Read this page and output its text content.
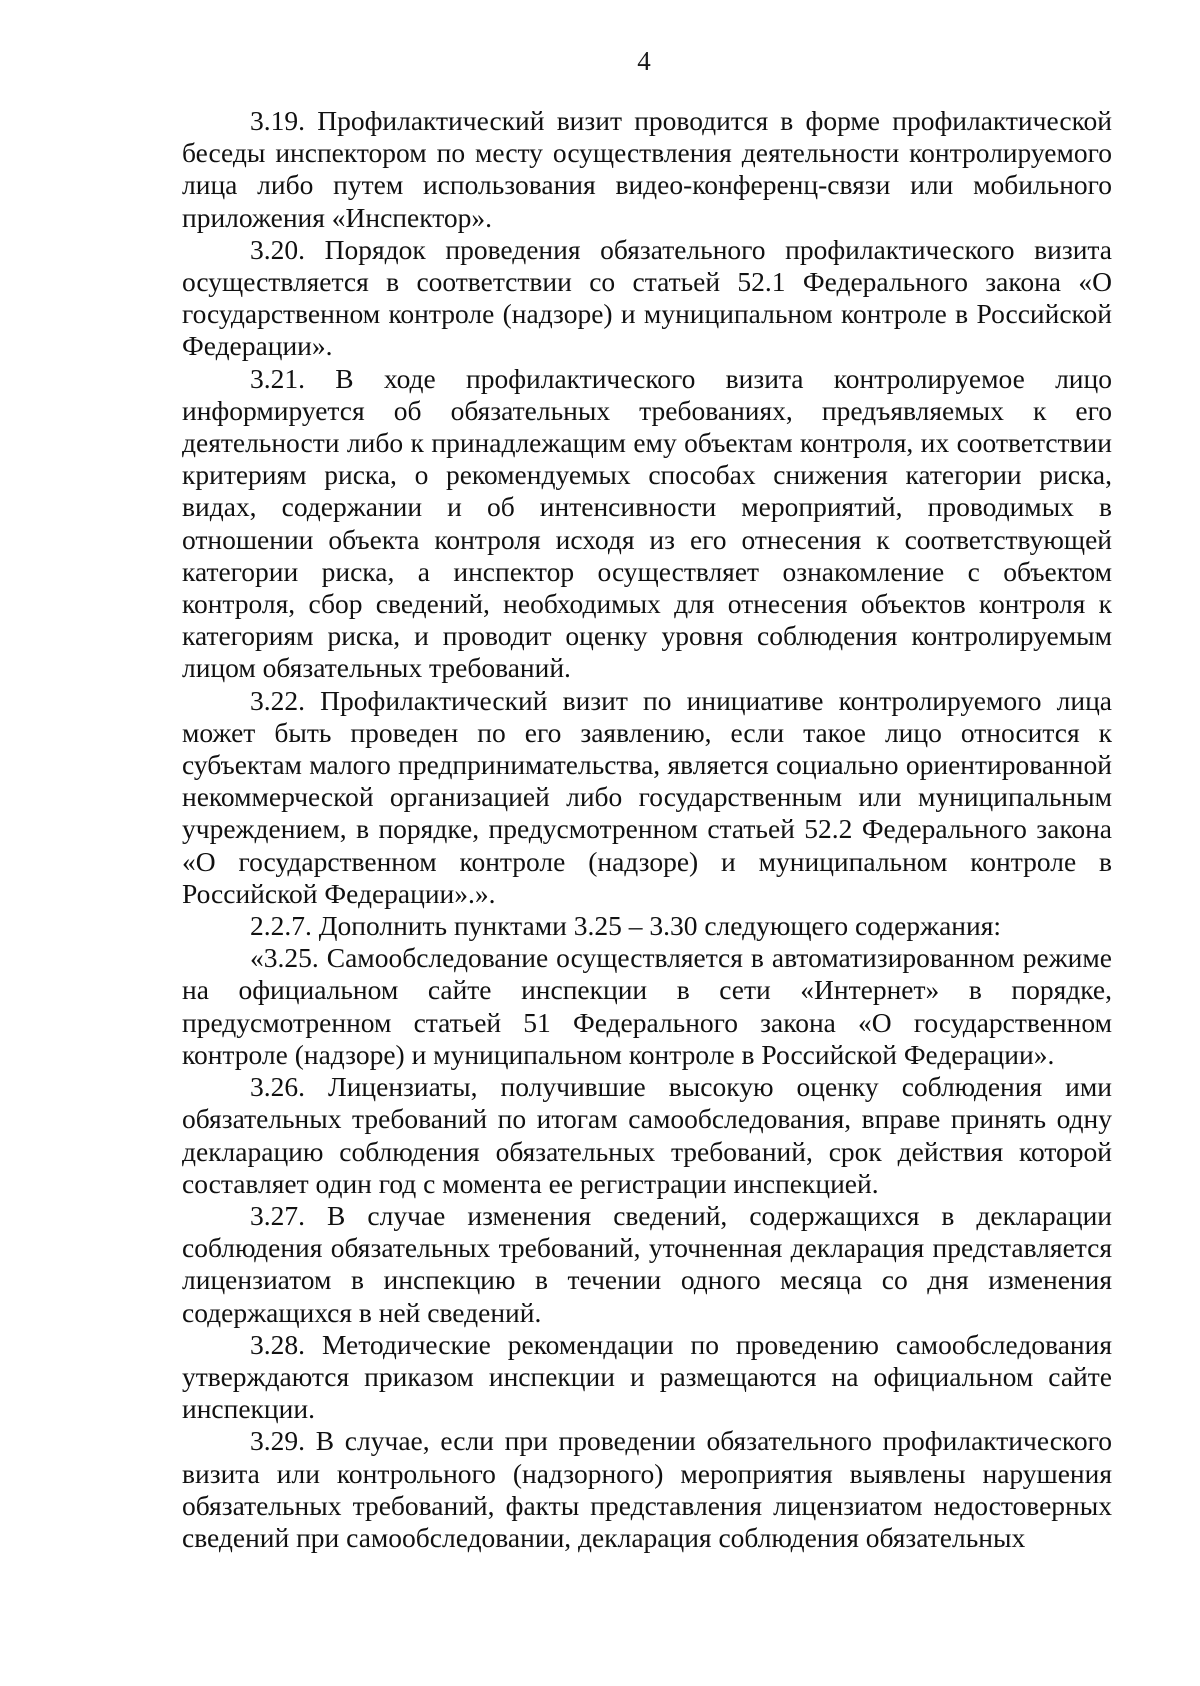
4

3.19. Профилактический визит проводится в форме профилактической беседы инспектором по месту осуществления деятельности контролируемого лица либо путем использования видео-конференц-связи или мобильного приложения «Инспектор».

3.20. Порядок проведения обязательного профилактического визита осуществляется в соответствии со статьей 52.1 Федерального закона «О государственном контроле (надзоре) и муниципальном контроле в Российской Федерации».

3.21. В ходе профилактического визита контролируемое лицо информируется об обязательных требованиях, предъявляемых к его деятельности либо к принадлежащим ему объектам контроля, их соответствии критериям риска, о рекомендуемых способах снижения категории риска, видах, содержании и об интенсивности мероприятий, проводимых в отношении объекта контроля исходя из его отнесения к соответствующей категории риска, а инспектор осуществляет ознакомление с объектом контроля, сбор сведений, необходимых для отнесения объектов контроля к категориям риска, и проводит оценку уровня соблюдения контролируемым лицом обязательных требований.

3.22. Профилактический визит по инициативе контролируемого лица может быть проведен по его заявлению, если такое лицо относится к субъектам малого предпринимательства, является социально ориентированной некоммерческой организацией либо государственным или муниципальным учреждением, в порядке, предусмотренном статьей 52.2 Федерального закона «О государственном контроле (надзоре) и муниципальном контроле в Российской Федерации».».

2.2.7. Дополнить пунктами 3.25 – 3.30 следующего содержания:

«3.25. Самообследование осуществляется в автоматизированном режиме на официальном сайте инспекции в сети «Интернет» в порядке, предусмотренном статьей 51 Федерального закона «О государственном контроле (надзоре) и муниципальном контроле в Российской Федерации».

3.26. Лицензиаты, получившие высокую оценку соблюдения ими обязательных требований по итогам самообследования, вправе принять одну декларацию соблюдения обязательных требований, срок действия которой составляет один год с момента ее регистрации инспекцией.

3.27. В случае изменения сведений, содержащихся в декларации соблюдения обязательных требований, уточненная декларация представляется лицензиатом в инспекцию в течении одного месяца со дня изменения содержащихся в ней сведений.

3.28. Методические рекомендации по проведению самообследования утверждаются приказом инспекции и размещаются на официальном сайте инспекции.

3.29. В случае, если при проведении обязательного профилактического визита или контрольного (надзорного) мероприятия выявлены нарушения обязательных требований, факты представления лицензиатом недостоверных сведений при самообследовании, декларация соблюдения обязательных
